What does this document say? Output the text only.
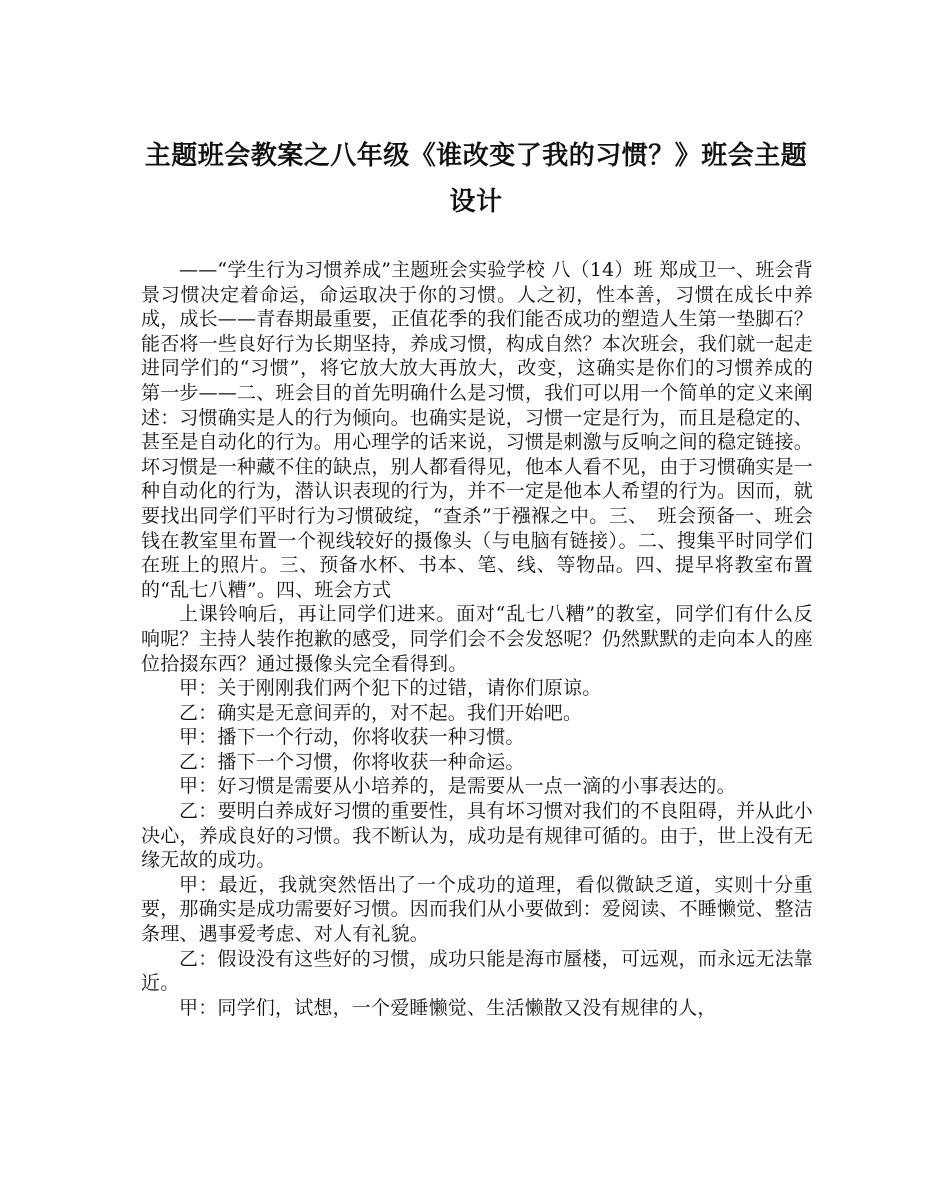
主题班会教案之八年级《谁改变了我的习惯？》班会主题设计

——“学生行为习惯养成”主题班会实验学校 八（14）班 郑成卫一、班会背景习惯决定着命运，命运取决于你的习惯。人之初，性本善，习惯在成长中养成，成长——青春期最重要，正值花季的我们能否成功的塑造人生第一垫脚石？能否将一些良好行为长期坚持，养成习惯，构成自然？本次班会，我们就一起走进同学们的“习惯”，将它放大放大再放大，改变，这确实是你们的习惯养成的第一步——二、班会目的首先明确什么是习惯，我们可以用一个简单的定义来阐述：习惯确实是人的行为倾向。也确实是说，习惯一定是行为，而且是稳定的、甚至是自动化的行为。用心理学的话来说，习惯是刺激与反响之间的稳定链接。坏习惯是一种藏不住的缺点，别人都看得见，他本人看不见，由于习惯确实是一种自动化的行为，潜认识表现的行为，并不一定是他本人希望的行为。因而，就要找出同学们平时行为习惯破绽，“查杀”于襁褓之中。三、　班会预备一、班会钱在教室里布置一个视线较好的摄像头（与电脑有链接）。二、搜集平时同学们在班上的照片。三、预备水杯、书本、笔、线、等物品。四、提早将教室布置的“乱七八糟”。四、班会方式

上课铃响后，再让同学们进来。面对“乱七八糟”的教室，同学们有什么反响呢？主持人装作抱歉的感受，同学们会不会发怒呢？仍然默默的走向本人的座位拾掇东西？通过摄像头完全看得到。

甲：关于刚刚我们两个犯下的过错，请你们原谅。

乙：确实是无意间弄的，对不起。我们开始吧。

甲：播下一个行动，你将收获一种习惯。

乙：播下一个习惯，你将收获一种命运。

甲：好习惯是需要从小培养的，是需要从一点一滴的小事表达的。

乙：要明白养成好习惯的重要性，具有坏习惯对我们的不良阻碍，并从此小决心，养成良好的习惯。我不断认为，成功是有规律可循的。由于，世上没有无缘无故的成功。

甲：最近，我就突然悟出了一个成功的道理，看似微缺乏道，实则十分重要，那确实是成功需要好习惯。因而我们从小要做到：爱阅读、不睡懒觉、整洁条理、遇事爱考虑、对人有礼貌。

乙：假设没有这些好的习惯，成功只能是海市蜃楼，可远观，而永远无法靠近。

甲：同学们，试想，一个爱睡懒觉、生活懒散又没有规律的人，
